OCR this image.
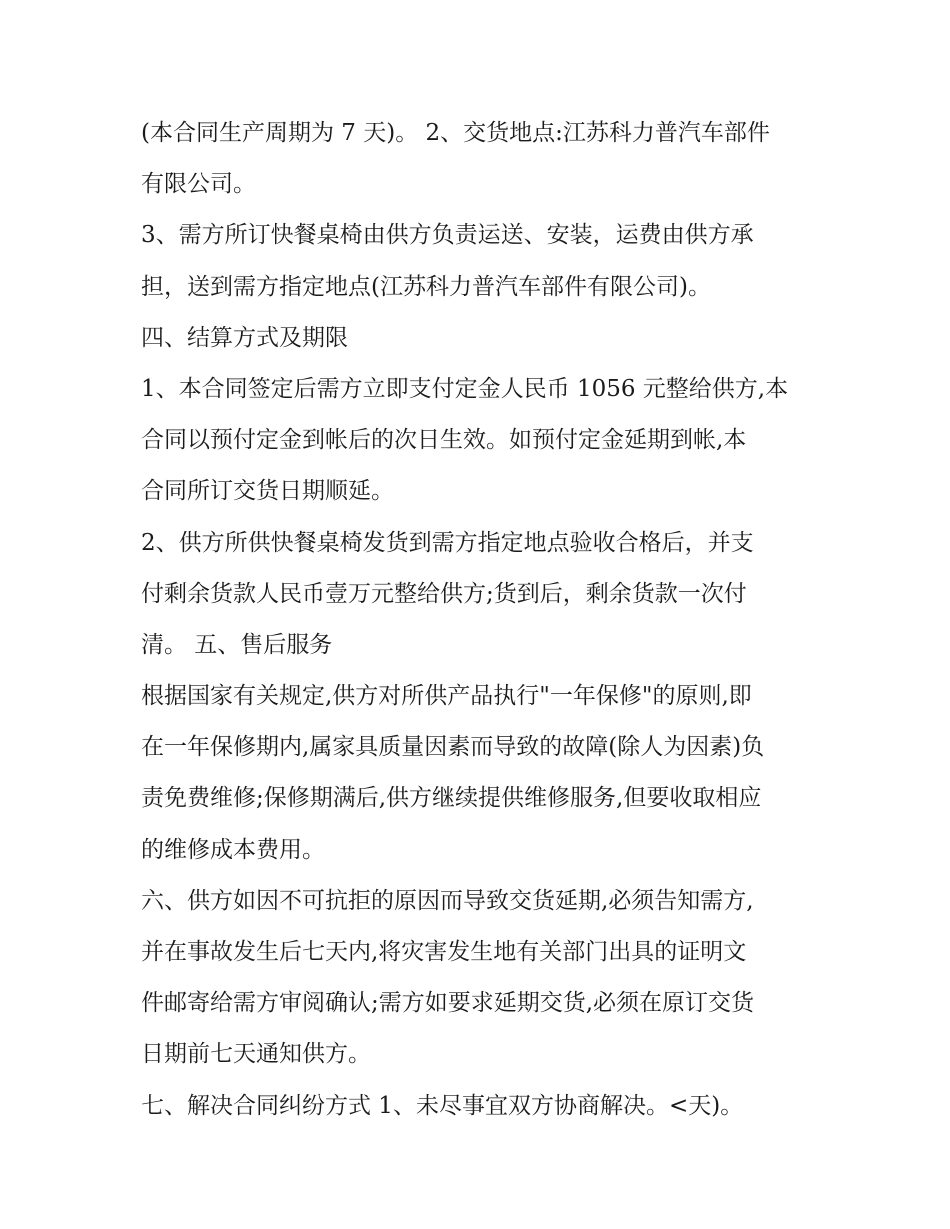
(本合同生产周期为 7 天)。 2、交货地点:江苏科力普汽车部件
有限公司。
3、需方所订快餐桌椅由供方负责运送、安装，运费由供方承
担，送到需方指定地点(江苏科力普汽车部件有限公司)。
四、结算方式及期限
1、本合同签定后需方立即支付定金人民币 1056 元整给供方,本
合同以预付定金到帐后的次日生效。如预付定金延期到帐,本
合同所订交货日期顺延。
2、供方所供快餐桌椅发货到需方指定地点验收合格后，并支
付剩余货款人民币壹万元整给供方;货到后，剩余货款一次付
清。 五、售后服务
根据国家有关规定,供方对所供产品执行"一年保修"的原则,即
在一年保修期内,属家具质量因素而导致的故障(除人为因素)负
责免费维修;保修期满后,供方继续提供维修服务,但要收取相应
的维修成本费用。
六、供方如因不可抗拒的原因而导致交货延期,必须告知需方,
并在事故发生后七天内,将灾害发生地有关部门出具的证明文
件邮寄给需方审阅确认;需方如要求延期交货,必须在原订交货
日期前七天通知供方。
七、解决合同纠纷方式 1、未尽事宜双方协商解决。<天)。
